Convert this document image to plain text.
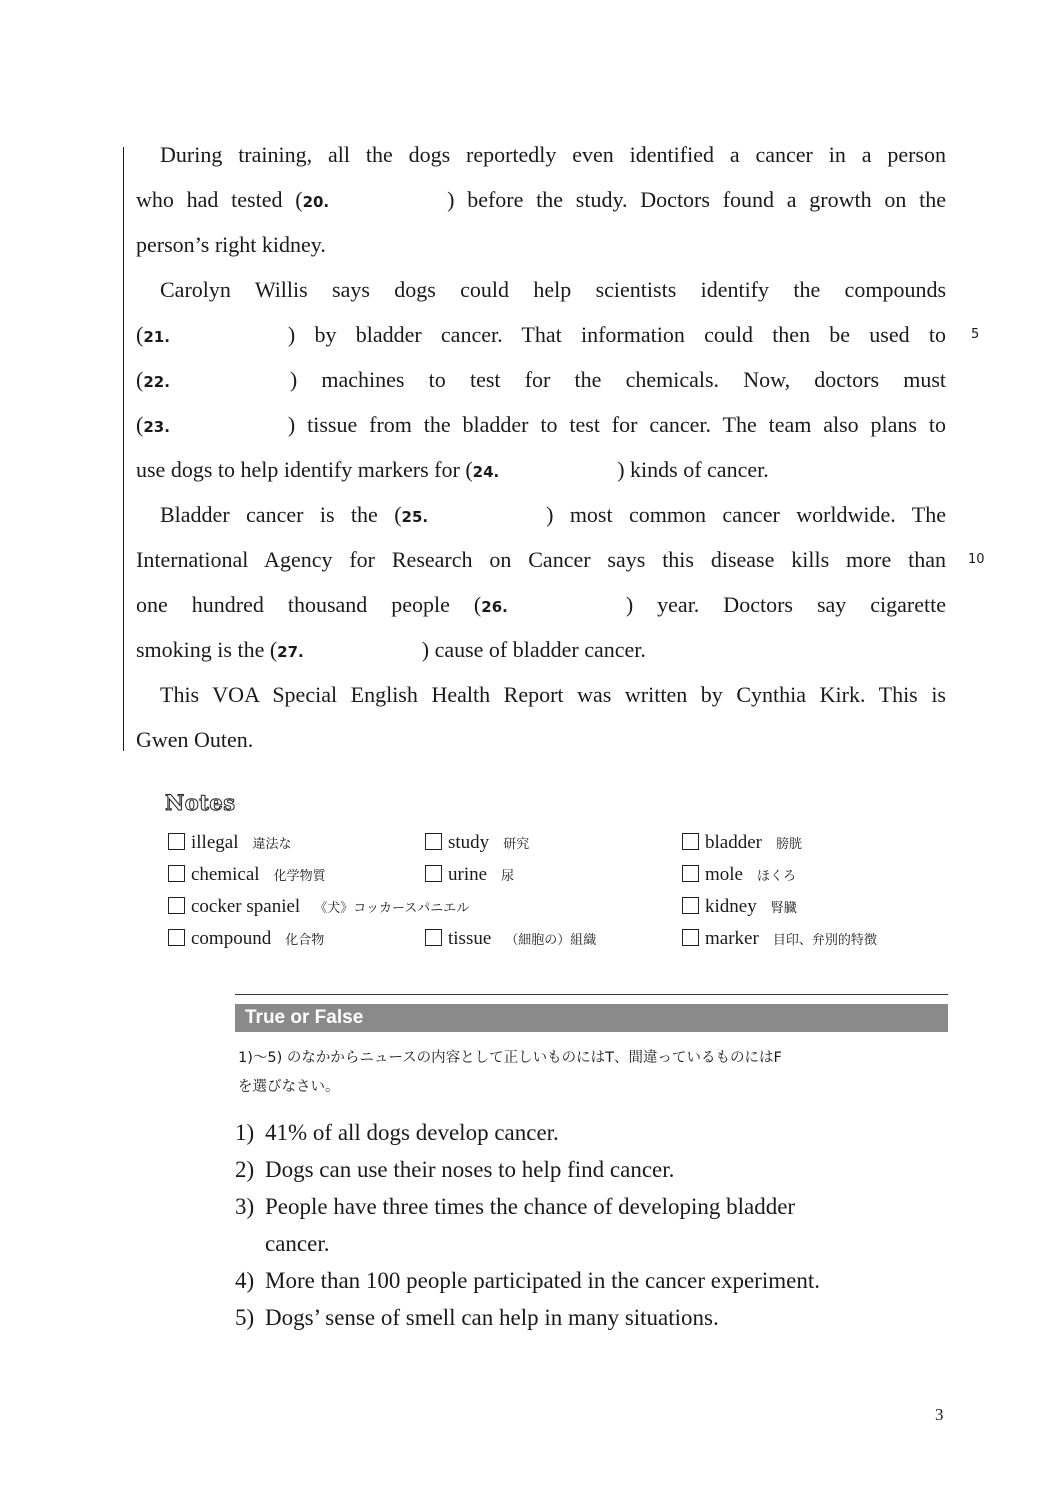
During training, all the dogs reportedly even identified a cancer in a person
who had tested (20.	) before the study. Doctors found a growth on the
person’s right kidney.
Carolyn Willis says dogs could help scientists identify the compounds
(21.	) by bladder cancer. That information could then be used to 5
(22.	) machines to test for the chemicals. Now, doctors must
(23.	) tissue from the bladder to test for cancer. The team also plans to
use dogs to help identify markers for (24.	) kinds of cancer.
Bladder cancer is the (25.	) most common cancer worldwide. The
International Agency for Research on Cancer says this disease kills more than 10
one hundred thousand people (26.	) year. Doctors say cigarette
smoking is the (27.	) cause of bladder cancer.
This VOA Special English Health Report was written by Cynthia Kirk. This is
Gwen Outen.
Notes
illegal 違法な	study 研究	bladder 膀胱
chemical 化学物質	urine 尿	mole ほくろ
cocker spaniel 《犬》コッカースパニエル	kidney 腎臓
compound 化合物	tissue （細胞の）組織	marker 目印、弁別的特徴
True or False
1)～5) のなかからニュースの内容として正しいものにはT、間違っているものにはF
を選びなさい。
1) 41% of all dogs develop cancer.
2) Dogs can use their noses to help find cancer.
3) People have three times the chance of developing bladder
cancer.
4) More than 100 people participated in the cancer experiment.
5) Dogs’ sense of smell can help in many situations.
3
